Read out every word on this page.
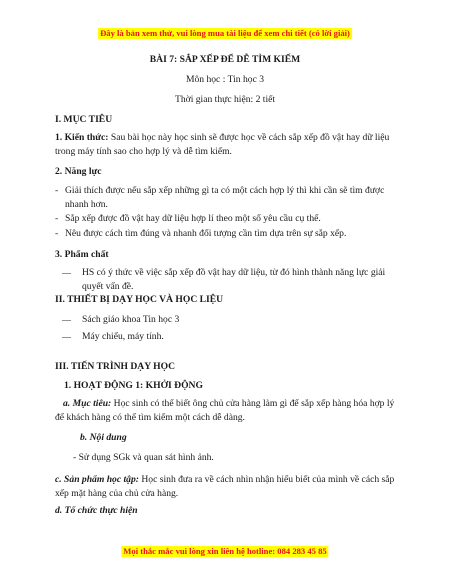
Đây là bản xem thử, vui lòng mua tài liệu để xem chi tiết (có lời giải)
BÀI 7: SẮP XẾP ĐỂ DỄ TÌM KIẾM
Môn học : Tin học 3
Thời gian thực hiện: 2 tiết
I. MỤC TIÊU
1. Kiến thức: Sau bài học này học sinh sẽ được học về cách sắp xếp đồ vật hay dữ liệu trong máy tính sao cho hợp lý và dễ tìm kiếm.
2. Năng lực
- Giải thích được nếu sắp xếp những gì ta có một cách hợp lý thì khi cần sẽ tìm được nhanh hơn.
- Sắp xếp được đồ vật hay dữ liệu hợp lí theo một số yêu cầu cụ thể.
- Nêu được cách tìm đúng và nhanh đối tượng cần tìm dựa trên sự sắp xếp.
3. Phẩm chất
— HS có ý thức về việc sắp xếp đồ vật hay dữ liệu, từ đó hình thành năng lực giải quyết vấn đề.
II. THIẾT BỊ DẠY HỌC VÀ HỌC LIỆU
— Sách giáo khoa Tin học 3
— Máy chiếu, máy tính.
III. TIẾN TRÌNH DẠY HỌC
1. HOẠT ĐỘNG 1: KHỞI ĐỘNG
a. Mục tiêu: Học sinh có thể biết ông chủ cửa hàng làm gì để sắp xếp hàng hóa hợp lý để khách hàng có thể tìm kiếm một cách dễ dàng.
b. Nội dung
- Sử dụng SGk và quan sát hình ảnh.
c. Sản phẩm học tập: Học sinh đưa ra về cách nhìn nhận hiểu biết của mình về cách sắp xếp mặt hàng của chủ cửa hàng.
d. Tổ chức thực hiện
Mọi thắc mắc vui lòng xin liên hệ hotline: 084 283 45 85
